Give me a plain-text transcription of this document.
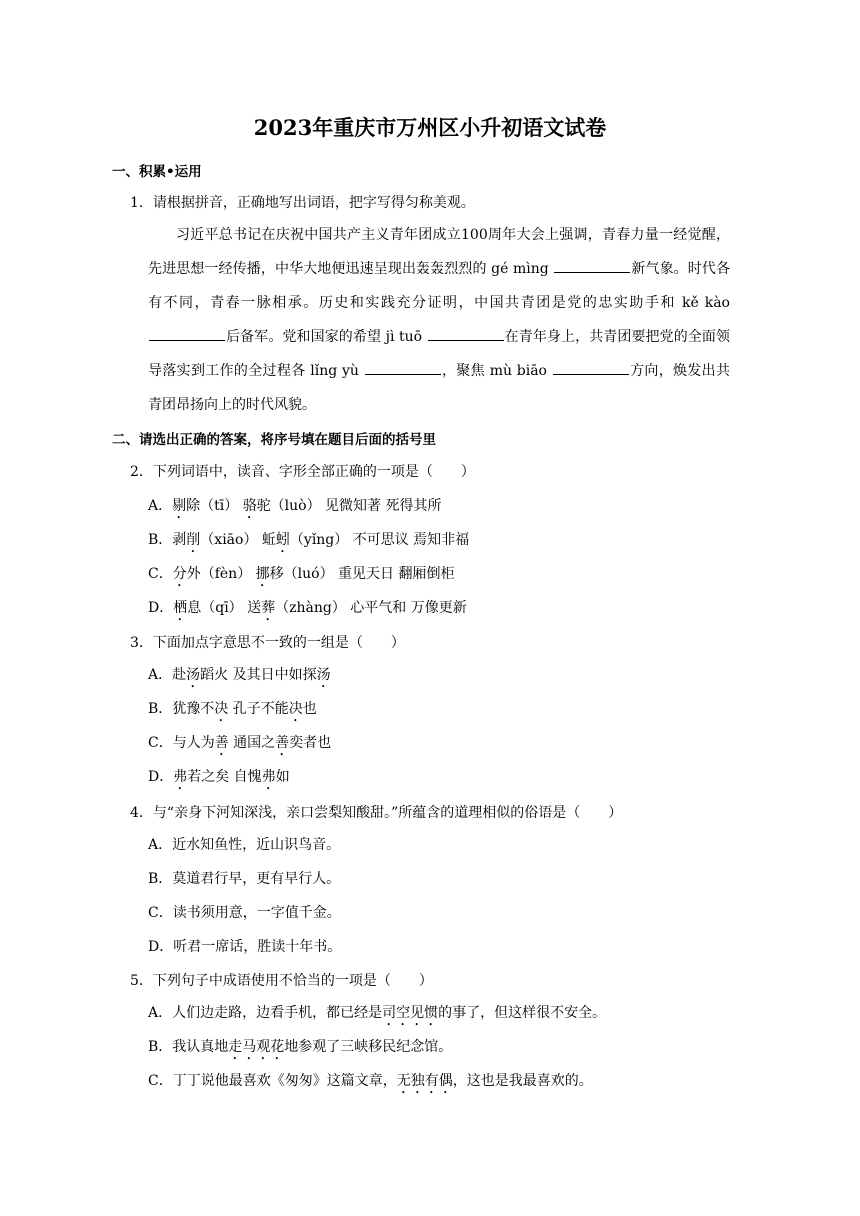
2023年重庆市万州区小升初语文试卷
一、积累•运用
1．请根据拼音，正确地写出词语，把字写得匀称美观。
习近平总书记在庆祝中国共产主义青年团成立100周年大会上强调，青春力量一经觉醒，先进思想一经传播，中华大地便迅速呈现出轰轰烈烈的 gé mìng	新气象。时代各有不同，青春一脉相承。历史和实践充分证明，中国共青团是党的忠实助手和 kě kào 后备军。党和国家的希望 jì tuō	在青年身上，共青团要把党的全面领导落实到工作的全过程各 lǐng yù	，聚焦 mù biāo	方向，焕发出共青团昂扬向上的时代风貌。
二、请选出正确的答案，将序号填在题目后面的括号里
2．下列词语中，读音、字形全部正确的一项是（　　）
A．剔除（tī） 骆驼（luò） 见微知著 死得其所
B．剥削（xiāo） 蚯蚓（yǐng） 不可思议 焉知非福
C．分外（fèn） 挪移（luó） 重见天日 翻厢倒柜
D．栖息（qī） 送葬（zhàng） 心平气和 万像更新
3．下面加点字意思不一致的一组是（　　）
A．赴汤蹈火 及其日中如探汤
B．犹豫不决 孔子不能决也
C．与人为善 通国之善奕者也
D．弗若之矣 自愧弗如
4．与“亲身下河知深浅，亲口尝梨知酸甜。”所蕴含的道理相似的俗语是（　　）
A．近水知鱼性，近山识鸟音。
B．莫道君行早，更有早行人。
C．读书须用意，一字值千金。
D．听君一席话，胜读十年书。
5．下列句子中成语使用不恰当的一项是（　　）
A．人们边走路，边看手机，都已经是司空见惯的事了，但这样很不安全。
B．我认真地走马观花地参观了三峡移民纪念馆。
C．丁丁说他最喜欢《匆匆》这篇文章，无独有偶，这也是我最喜欢的。
